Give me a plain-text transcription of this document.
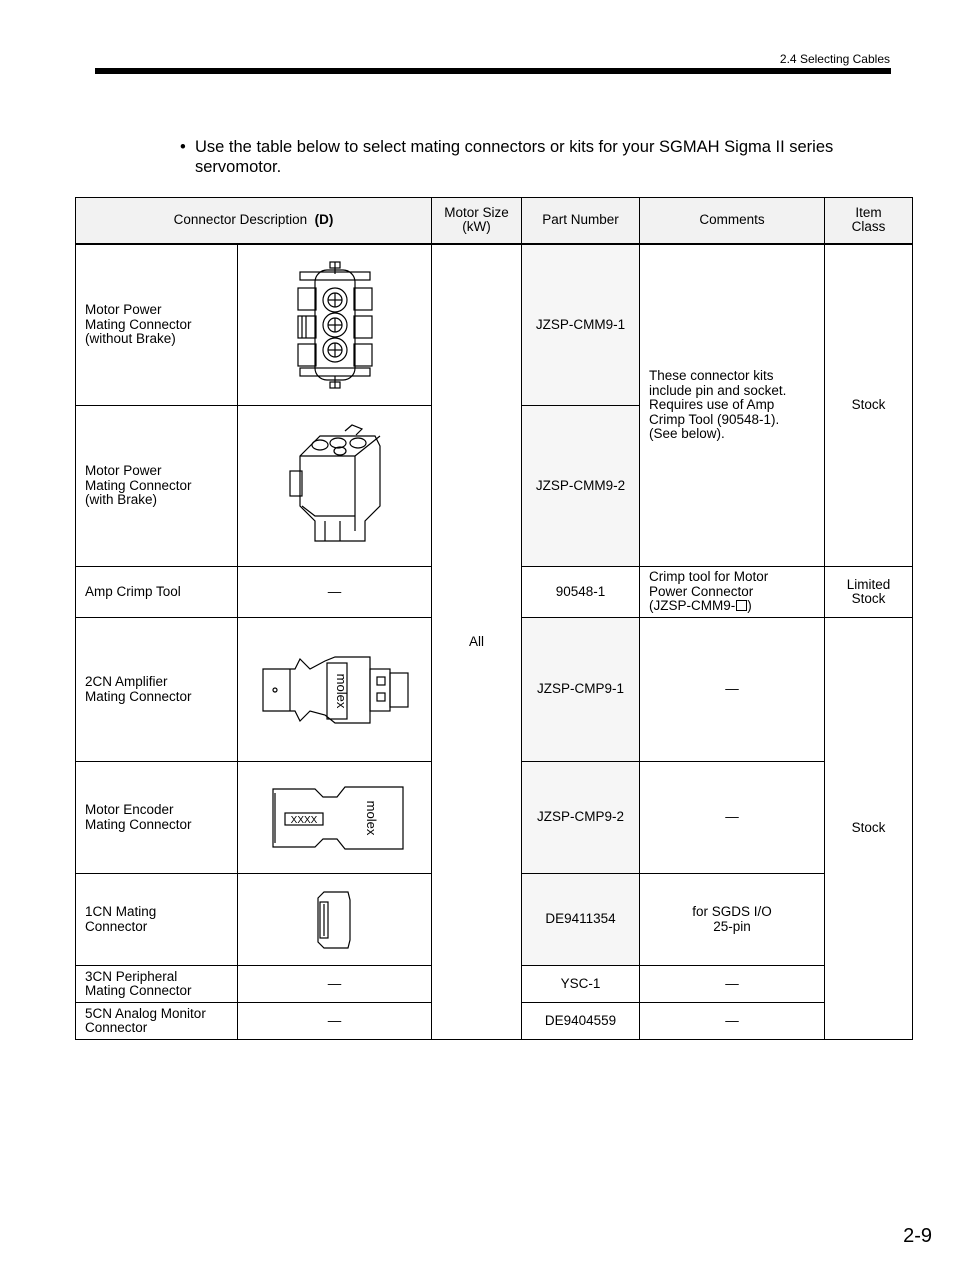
2.4 Selecting Cables
• Use the table below to select mating connectors or kits for your SGMAH Sigma II series servomotor.
Connector Description (D)		Motor Size
(kW)	Part Number	Comments	Item
Class
Motor Power
Mating Connector
(without Brake)		All	JZSP-CMM9-1	These connector kits
include pin and socket.
Requires use of Amp
Crimp Tool (90548-1).
(See below).	Stock
Motor Power
Mating Connector
(with Brake)			JZSP-CMM9-2		
Amp Crimp Tool	—		90548-1	Crimp tool for Motor
Power Connector
(JZSP-CMM9- )	Limited
Stock
2CN Amplifier
Mating Connector	molex		JZSP-CMP9-1	—	Stock
Motor Encoder
Mating Connector	XXXX molex		JZSP-CMP9-2	—	
1CN Mating
Connector			DE9411354	for SGDS I/O
25-pin	
3CN Peripheral
Mating Connector	—		YSC-1	—	
5CN Analog Monitor
Connector	—		DE9404559	—	
2-9
